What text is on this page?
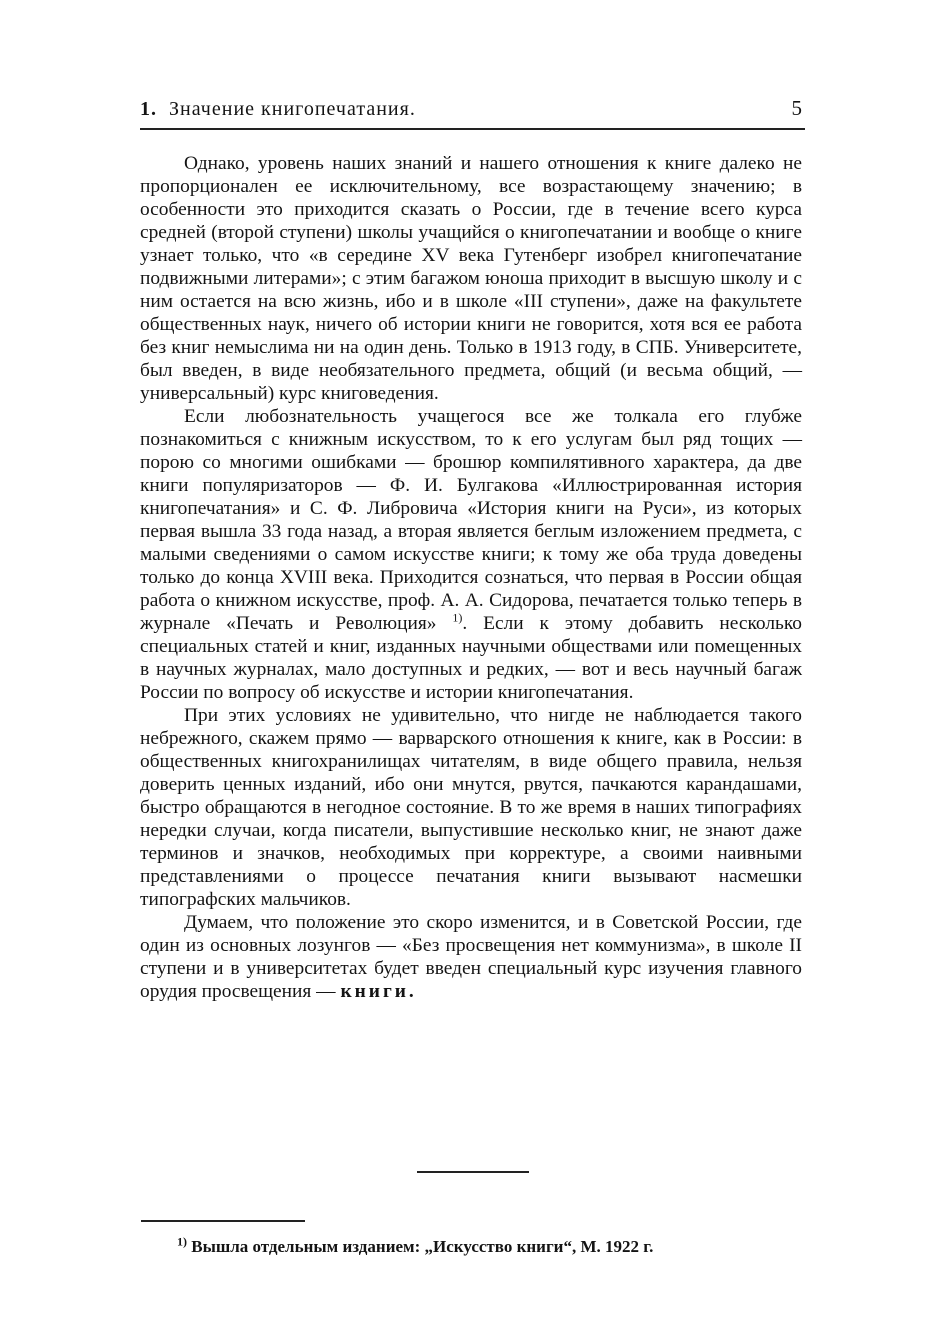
1. Значение книгопечатания.	5

Однако, уровень наших знаний и нашего отношения к книге далеко не пропорционален ее исключительному, все возрастающему значению; в особенности это приходится сказать о России, где в течение всего курса средней (второй ступени) школы учащийся о книгопечатании и вообще о книге узнает только, что «в середине XV века Гутенберг изобрел книгопечатание подвижными литерами»; с этим багажом юноша приходит в высшую школу и с ним остается на всю жизнь, ибо и в школе «III ступени», даже на факультете общественных наук, ничего об истории книги не говорится, хотя вся ее работа без книг немыслима ни на один день. Только в 1913 году, в СПБ. Университете, был введен, в виде необязательного предмета, общий (и весьма общий, — универсальный) курс книговедения.

Если любознательность учащегося все же толкала его глубже познакомиться с книжным искусством, то к его услугам был ряд тощих — порою со многими ошибками — брошюр компилятивного характера, да две книги популяризаторов — Ф. И. Булгакова «Иллюстрированная история книгопечатания» и С. Ф. Либровича «История книги на Руси», из которых первая вышла 33 года назад, а вторая является беглым изложением предмета, с малыми сведениями о самом искусстве книги; к тому же оба труда доведены только до конца XVIII века. Приходится сознаться, что первая в России общая работа о книжном искусстве, проф. А. А. Сидорова, печатается только теперь в журнале «Печать и Революция» $^{1)}$. Если к этому добавить несколько специальных статей и книг, изданных научными обществами или помещенных в научных журналах, мало доступных и редких, — вот и весь научный багаж России по вопросу об искусстве и истории книгопечатания.

При этих условиях не удивительно, что нигде не наблюдается такого небрежного, скажем прямо — варварского отношения к книге, как в России: в общественных книгохранилищах читателям, в виде общего правила, нельзя доверить ценных изданий, ибо они мнутся, рвутся, пачкаются карандашами, быстро обращаются в негодное состояние. В то же время в наших типографиях нередки случаи, когда писатели, выпустившие несколько книг, не знают даже терминов и значков, необходимых при корректуре, а своими наивными представлениями о процессе печатания книги вызывают насмешки типографских мальчиков.

Думаем, что положение это скоро изменится, и в Советской России, где один из основных лозунгов — «Без просвещения нет коммунизма», в школе II ступени и в университетах будет введен специальный курс изучения главного орудия просвещения — книги.

$^{1)}$ Вышла отдельным изданием: „Искусство книги“, М. 1922 г.
